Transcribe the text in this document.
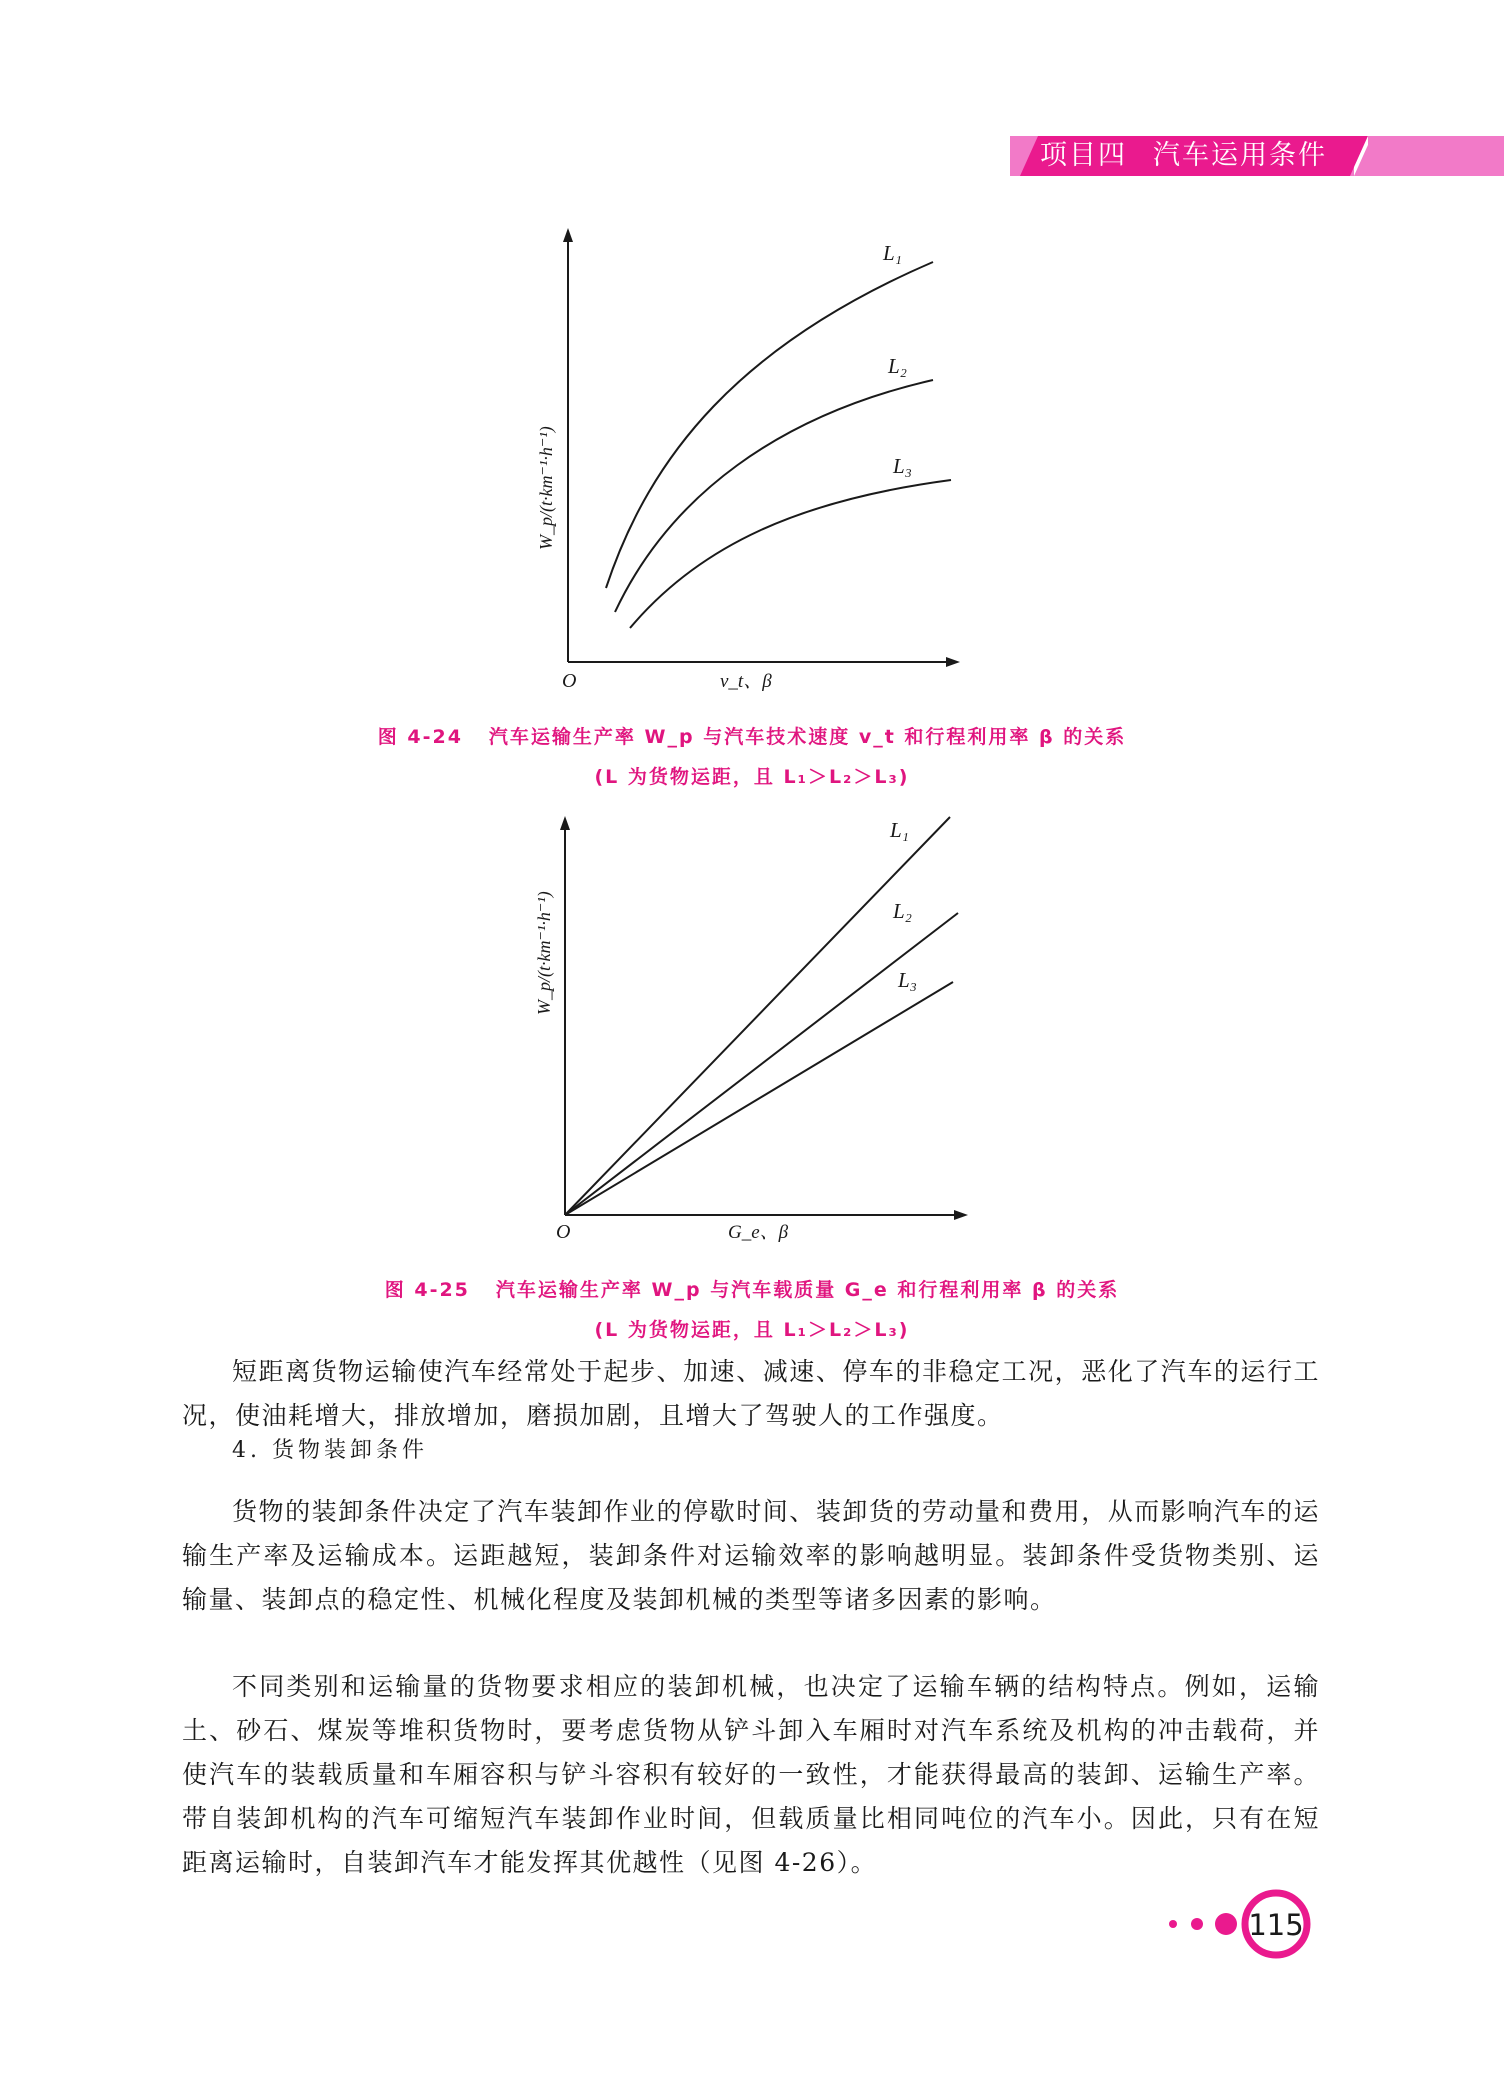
项目四 汽车运用条件
L₁
L₂
L₃
O	v_t、β
W_p/(t·km⁻¹·h⁻¹)
图 4-24 汽车运输生产率 W_p 与汽车技术速度 v_t 和行程利用率 β 的关系
(L 为货物运距，且 L₁＞L₂＞L₃)
L₁
L₂
L₃
O	G_e、β
W_p/(t·km⁻¹·h⁻¹)
图 4-25 汽车运输生产率 W_p 与汽车载质量 G_e 和行程利用率 β 的关系
(L 为货物运距，且 L₁＞L₂＞L₃)
短距离货物运输使汽车经常处于起步、加速、减速、停车的非稳定工况，恶化了汽车的运行工况，使油耗增大，排放增加，磨损加剧，且增大了驾驶人的工作强度。
4. 货物装卸条件
货物的装卸条件决定了汽车装卸作业的停歇时间、装卸货的劳动量和费用，从而影响汽车的运输生产率及运输成本。运距越短，装卸条件对运输效率的影响越明显。装卸条件受货物类别、运输量、装卸点的稳定性、机械化程度及装卸机械的类型等诸多因素的影响。
不同类别和运输量的货物要求相应的装卸机械，也决定了运输车辆的结构特点。例如，运输土、砂石、煤炭等堆积货物时，要考虑货物从铲斗卸入车厢时对汽车系统及机构的冲击载荷，并使汽车的装载质量和车厢容积与铲斗容积有较好的一致性，才能获得最高的装卸、运输生产率。带自装卸机构的汽车可缩短汽车装卸作业时间，但载质量比相同吨位的汽车小。因此，只有在短距离运输时，自装卸汽车才能发挥其优越性（见图 4-26）。
115
